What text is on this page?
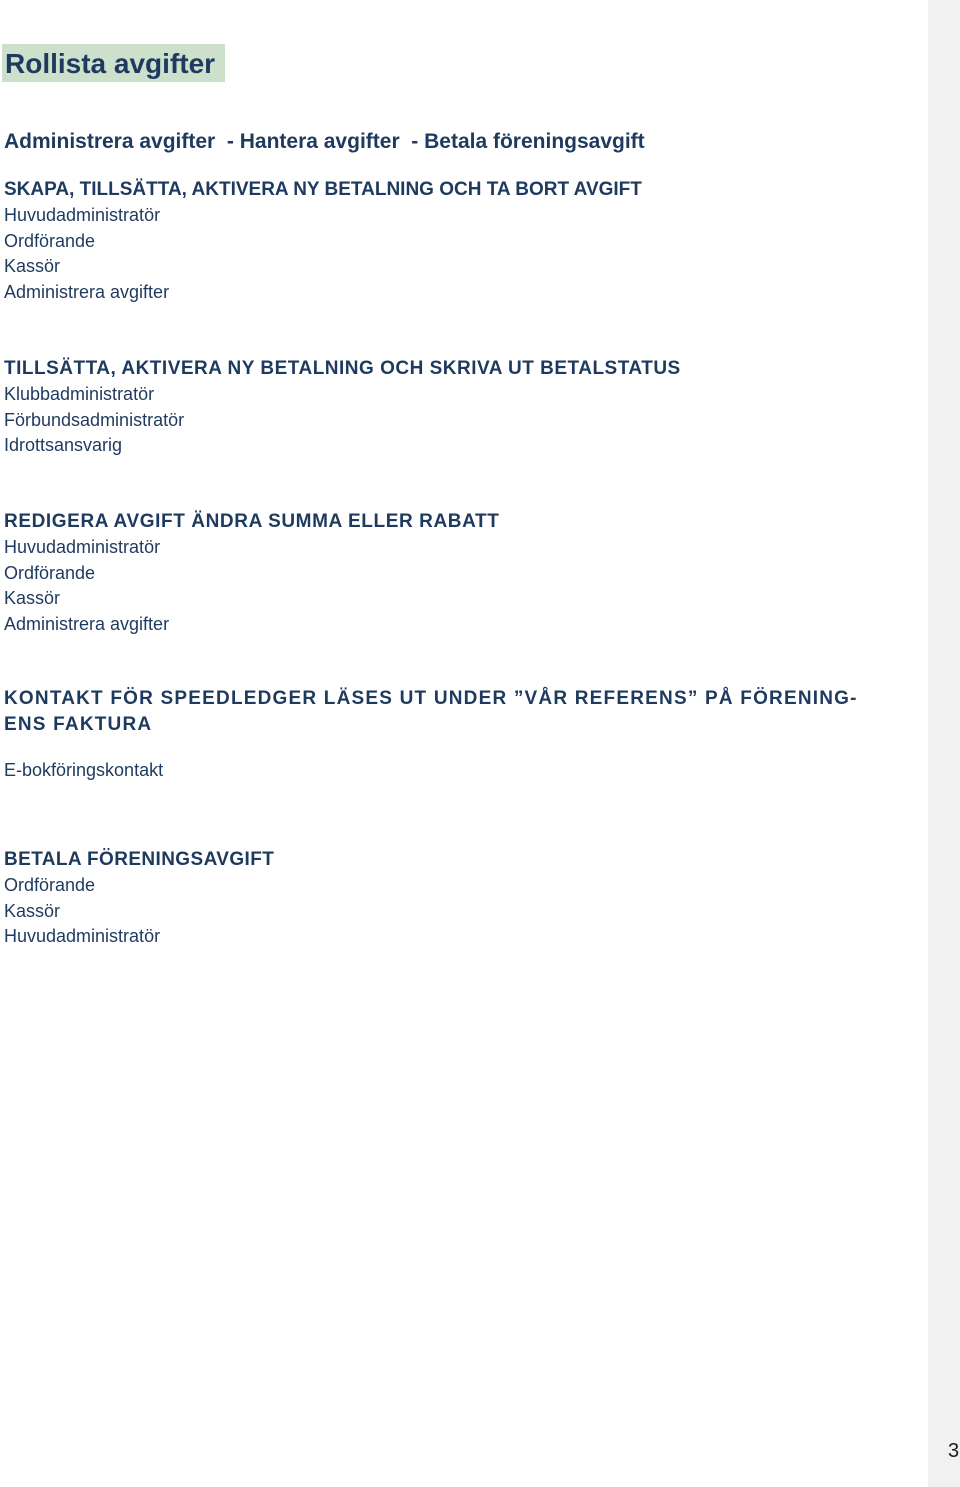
Rollista avgifter
Administrera avgifter  - Hantera avgifter  - Betala föreningsavgift
SKAPA, TILLSÄTTA, AKTIVERA NY BETALNING OCH TA BORT AVGIFT
Huvudadministratör
Ordförande
Kassör
Administrera avgifter
TILLSÄTTA, AKTIVERA NY BETALNING OCH SKRIVA UT BETALSTATUS
Klubbadministratör
Förbundsadministratör
Idrottsansvarig
REDIGERA AVGIFT ÄNDRA SUMMA ELLER RABATT
Huvudadministratör
Ordförande
Kassör
Administrera avgifter
KONTAKT FÖR SPEEDLEDGER LÄSES UT UNDER ”VÅR REFERENS” PÅ FÖRENING-
ENS FAKTURA
E-bokföringskontakt
BETALA FÖRENINGSAVGIFT
Ordförande
Kassör
Huvudadministratör
3
